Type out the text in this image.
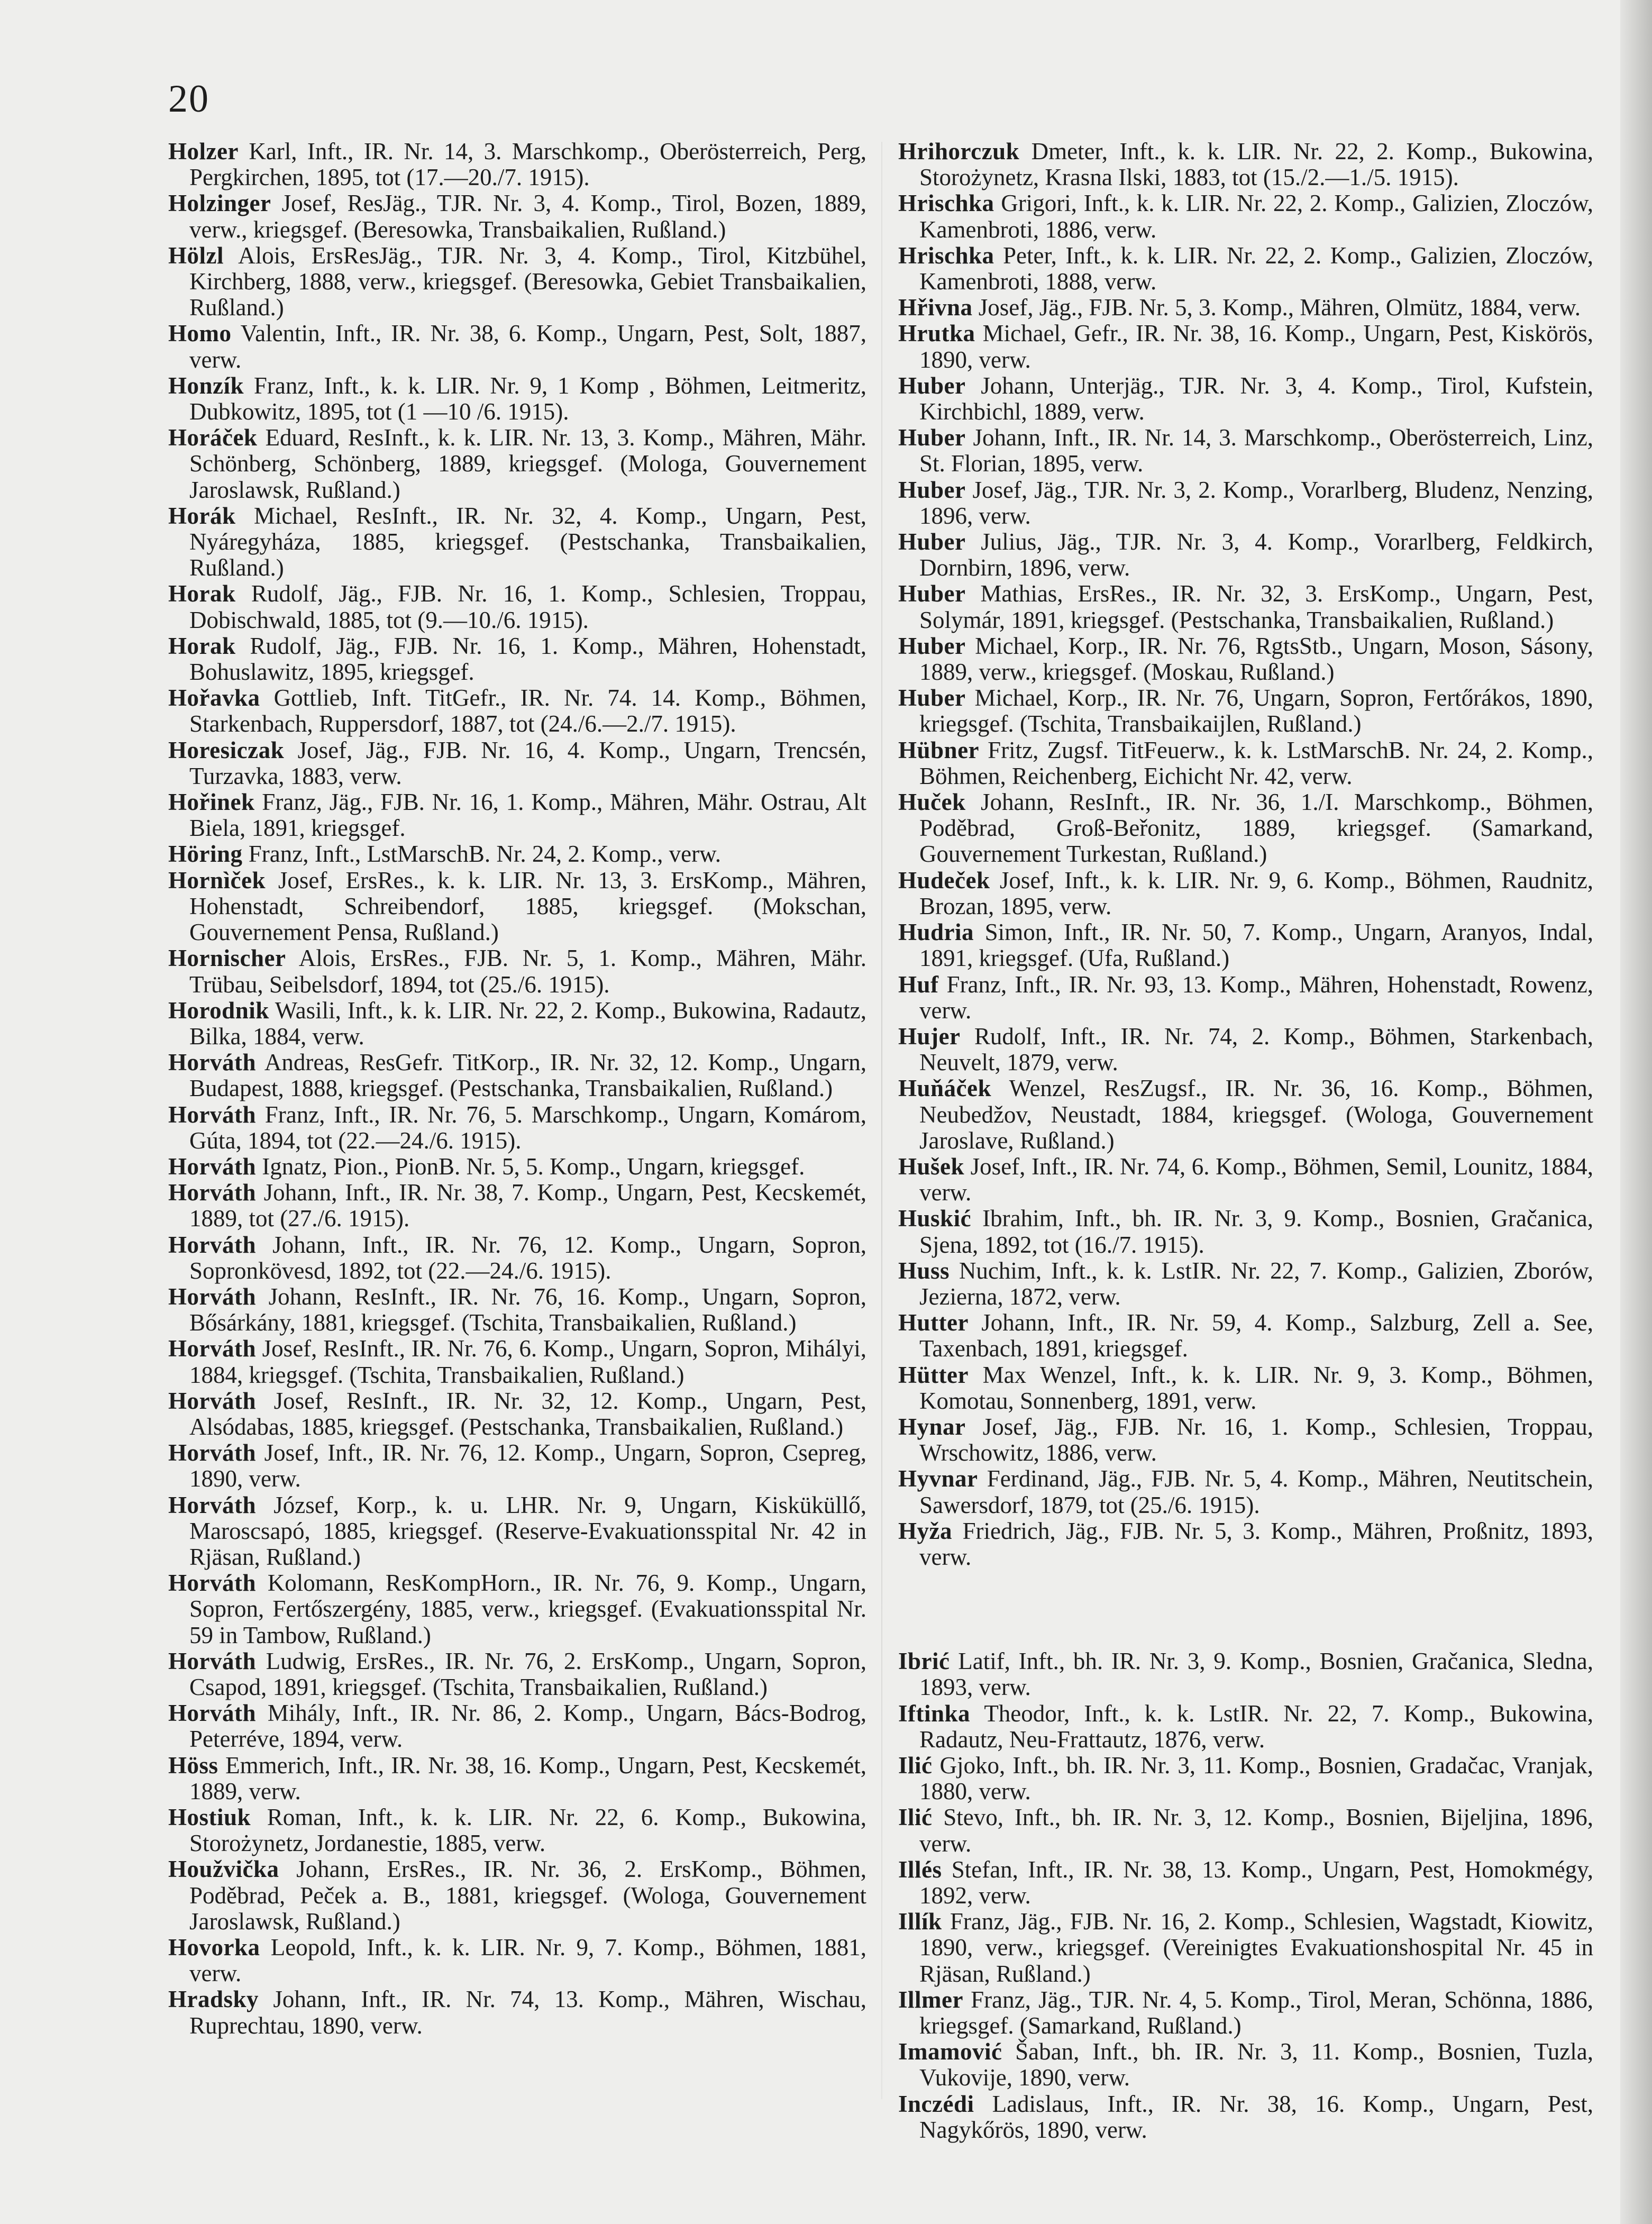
20

Holzer Karl, Inft., IR. Nr. 14, 3. Marschkomp., Oberösterreich, Perg, Pergkirchen, 1895, tot (17.—20./7. 1915).

Holzinger Josef, ResJäg., TJR. Nr. 3, 4. Komp., Tirol, Bozen, 1889, verw., kriegsgef. (Beresowka, Transbaikalien, Rußland.)

Hölzl Alois, ErsResJäg., TJR. Nr. 3, 4. Komp., Tirol, Kitzbühel, Kirchberg, 1888, verw., kriegsgef. (Beresowka, Gebiet Transbaikalien, Rußland.)

Homo Valentin, Inft., IR. Nr. 38, 6. Komp., Ungarn, Pest, Solt, 1887, verw.

Honzík Franz, Inft., k. k. LIR. Nr. 9, 1 Komp , Böhmen, Leitmeritz, Dubkowitz, 1895, tot (1 —10 /6. 1915).

Horáček Eduard, ResInft., k. k. LIR. Nr. 13, 3. Komp., Mähren, Mähr. Schönberg, Schönberg, 1889, kriegsgef. (Mologa, Gouvernement Jaroslawsk, Rußland.)

Horák Michael, ResInft., IR. Nr. 32, 4. Komp., Ungarn, Pest, Nyáregyháza, 1885, kriegsgef. (Pestschanka, Transbaikalien, Rußland.)

Horak Rudolf, Jäg., FJB. Nr. 16, 1. Komp., Schlesien, Troppau, Dobischwald, 1885, tot (9.—10./6. 1915).

Horak Rudolf, Jäg., FJB. Nr. 16, 1. Komp., Mähren, Hohenstadt, Bohuslawitz, 1895, kriegsgef.

Hořavka Gottlieb, Inft. TitGefr., IR. Nr. 74. 14. Komp., Böhmen, Starkenbach, Ruppersdorf, 1887, tot (24./6.—2./7. 1915).

Horesiczak Josef, Jäg., FJB. Nr. 16, 4. Komp., Ungarn, Trencsén, Turzavka, 1883, verw.

Hořinek Franz, Jäg., FJB. Nr. 16, 1. Komp., Mähren, Mähr. Ostrau, Alt Biela, 1891, kriegsgef.

Höring Franz, Inft., LstMarschB. Nr. 24, 2. Komp., verw.

Hornìček Josef, ErsRes., k. k. LIR. Nr. 13, 3. ErsKomp., Mähren, Hohenstadt, Schreibendorf, 1885, kriegsgef. (Mokschan, Gouvernement Pensa, Rußland.)

Hornischer Alois, ErsRes., FJB. Nr. 5, 1. Komp., Mähren, Mähr. Trübau, Seibelsdorf, 1894, tot (25./6. 1915).

Horodnik Wasili, Inft., k. k. LIR. Nr. 22, 2. Komp., Bukowina, Radautz, Bilka, 1884, verw.

Horváth Andreas, ResGefr. TitKorp., IR. Nr. 32, 12. Komp., Ungarn, Budapest, 1888, kriegsgef. (Pestschanka, Transbaikalien, Rußland.)

Horváth Franz, Inft., IR. Nr. 76, 5. Marschkomp., Ungarn, Komárom, Gúta, 1894, tot (22.—24./6. 1915).

Horváth Ignatz, Pion., PionB. Nr. 5, 5. Komp., Ungarn, kriegsgef.

Horváth Johann, Inft., IR. Nr. 38, 7. Komp., Ungarn, Pest, Kecskemét, 1889, tot (27./6. 1915).

Horváth Johann, Inft., IR. Nr. 76, 12. Komp., Ungarn, Sopron, Sopronkövesd, 1892, tot (22.—24./6. 1915).

Horváth Johann, ResInft., IR. Nr. 76, 16. Komp., Ungarn, Sopron, Bősárkány, 1881, kriegsgef. (Tschita, Transbaikalien, Rußland.)

Horváth Josef, ResInft., IR. Nr. 76, 6. Komp., Ungarn, Sopron, Mihályi, 1884, kriegsgef. (Tschita, Transbaikalien, Rußland.)

Horváth Josef, ResInft., IR. Nr. 32, 12. Komp., Ungarn, Pest, Alsódabas, 1885, kriegsgef. (Pestschanka, Transbaikalien, Rußland.)

Horváth Josef, Inft., IR. Nr. 76, 12. Komp., Ungarn, Sopron, Csepreg, 1890, verw.

Horváth József, Korp., k. u. LHR. Nr. 9, Ungarn, Kisküküllő, Maroscsapó, 1885, kriegsgef. (Reserve-Evakuationsspital Nr. 42 in Rjäsan, Rußland.)

Horváth Kolomann, ResKompHorn., IR. Nr. 76, 9. Komp., Ungarn, Sopron, Fertőszergény, 1885, verw., kriegsgef. (Evakuationsspital Nr. 59 in Tambow, Rußland.)

Horváth Ludwig, ErsRes., IR. Nr. 76, 2. ErsKomp., Ungarn, Sopron, Csapod, 1891, kriegsgef. (Tschita, Transbaikalien, Rußland.)

Horváth Mihály, Inft., IR. Nr. 86, 2. Komp., Ungarn, Bács-Bodrog, Peterréve, 1894, verw.

Höss Emmerich, Inft., IR. Nr. 38, 16. Komp., Ungarn, Pest, Kecskemét, 1889, verw.

Hostiuk Roman, Inft., k. k. LIR. Nr. 22, 6. Komp., Bukowina, Storożynetz, Jordanestie, 1885, verw.

Houžvička Johann, ErsRes., IR. Nr. 36, 2. ErsKomp., Böhmen, Poděbrad, Peček a. B., 1881, kriegsgef. (Wologa, Gouvernement Jaroslawsk, Rußland.)

Hovorka Leopold, Inft., k. k. LIR. Nr. 9, 7. Komp., Böhmen, 1881, verw.

Hradsky Johann, Inft., IR. Nr. 74, 13. Komp., Mähren, Wischau, Ruprechtau, 1890, verw.

Hrihorczuk Dmeter, Inft., k. k. LIR. Nr. 22, 2. Komp., Bukowina, Storożynetz, Krasna Ilski, 1883, tot (15./2.—1./5. 1915).

Hrischka Grigori, Inft., k. k. LIR. Nr. 22, 2. Komp., Galizien, Zloczów, Kamenbroti, 1886, verw.

Hrischka Peter, Inft., k. k. LIR. Nr. 22, 2. Komp., Galizien, Zloczów, Kamenbroti, 1888, verw.

Hřivna Josef, Jäg., FJB. Nr. 5, 3. Komp., Mähren, Olmütz, 1884, verw.

Hrutka Michael, Gefr., IR. Nr. 38, 16. Komp., Ungarn, Pest, Kiskörös, 1890, verw.

Huber Johann, Unterjäg., TJR. Nr. 3, 4. Komp., Tirol, Kufstein, Kirchbichl, 1889, verw.

Huber Johann, Inft., IR. Nr. 14, 3. Marschkomp., Oberösterreich, Linz, St. Florian, 1895, verw.

Huber Josef, Jäg., TJR. Nr. 3, 2. Komp., Vorarlberg, Bludenz, Nenzing, 1896, verw.

Huber Julius, Jäg., TJR. Nr. 3, 4. Komp., Vorarlberg, Feldkirch, Dornbirn, 1896, verw.

Huber Mathias, ErsRes., IR. Nr. 32, 3. ErsKomp., Ungarn, Pest, Solymár, 1891, kriegsgef. (Pestschanka, Transbaikalien, Rußland.)

Huber Michael, Korp., IR. Nr. 76, RgtsStb., Ungarn, Moson, Sásony, 1889, verw., kriegsgef. (Moskau, Rußland.)

Huber Michael, Korp., IR. Nr. 76, Ungarn, Sopron, Fertőrákos, 1890, kriegsgef. (Tschita, Transbaikaijlen, Rußland.)

Hübner Fritz, Zugsf. TitFeuerw., k. k. LstMarschB. Nr. 24, 2. Komp., Böhmen, Reichenberg, Eichicht Nr. 42, verw.

Huček Johann, ResInft., IR. Nr. 36, 1./I. Marschkomp., Böhmen, Poděbrad, Groß-Beřonitz, 1889, kriegsgef. (Samarkand, Gouvernement Turkestan, Rußland.)

Hudeček Josef, Inft., k. k. LIR. Nr. 9, 6. Komp., Böhmen, Raudnitz, Brozan, 1895, verw.

Hudria Simon, Inft., IR. Nr. 50, 7. Komp., Ungarn, Aranyos, Indal, 1891, kriegsgef. (Ufa, Rußland.)

Huf Franz, Inft., IR. Nr. 93, 13. Komp., Mähren, Hohenstadt, Rowenz, verw.

Hujer Rudolf, Inft., IR. Nr. 74, 2. Komp., Böhmen, Starkenbach, Neuvelt, 1879, verw.

Huňáček Wenzel, ResZugsf., IR. Nr. 36, 16. Komp., Böhmen, Neubedžov, Neustadt, 1884, kriegsgef. (Wologa, Gouvernement Jaroslave, Rußland.)

Hušek Josef, Inft., IR. Nr. 74, 6. Komp., Böhmen, Semil, Lounitz, 1884, verw.

Huskić Ibrahim, Inft., bh. IR. Nr. 3, 9. Komp., Bosnien, Gračanica, Sjena, 1892, tot (16./7. 1915).

Huss Nuchim, Inft., k. k. LstIR. Nr. 22, 7. Komp., Galizien, Zborów, Jezierna, 1872, verw.

Hutter Johann, Inft., IR. Nr. 59, 4. Komp., Salzburg, Zell a. See, Taxenbach, 1891, kriegsgef.

Hütter Max Wenzel, Inft., k. k. LIR. Nr. 9, 3. Komp., Böhmen, Komotau, Sonnenberg, 1891, verw.

Hynar Josef, Jäg., FJB. Nr. 16, 1. Komp., Schlesien, Troppau, Wrschowitz, 1886, verw.

Hyvnar Ferdinand, Jäg., FJB. Nr. 5, 4. Komp., Mähren, Neutitschein, Sawersdorf, 1879, tot (25./6. 1915).

Hyža Friedrich, Jäg., FJB. Nr. 5, 3. Komp., Mähren, Proßnitz, 1893, verw.

Ibrić Latif, Inft., bh. IR. Nr. 3, 9. Komp., Bosnien, Gračanica, Sledna, 1893, verw.

Iftinka Theodor, Inft., k. k. LstIR. Nr. 22, 7. Komp., Bukowina, Radautz, Neu-Frattautz, 1876, verw.

Ilić Gjoko, Inft., bh. IR. Nr. 3, 11. Komp., Bosnien, Gradačac, Vranjak, 1880, verw.

Ilić Stevo, Inft., bh. IR. Nr. 3, 12. Komp., Bosnien, Bijeljina, 1896, verw.

Illés Stefan, Inft., IR. Nr. 38, 13. Komp., Ungarn, Pest, Homokmégy, 1892, verw.

Illík Franz, Jäg., FJB. Nr. 16, 2. Komp., Schlesien, Wagstadt, Kiowitz, 1890, verw., kriegsgef. (Vereinigtes Evakuationshospital Nr. 45 in Rjäsan, Rußland.)

Illmer Franz, Jäg., TJR. Nr. 4, 5. Komp., Tirol, Meran, Schönna, 1886, kriegsgef. (Samarkand, Rußland.)

Imamović Šaban, Inft., bh. IR. Nr. 3, 11. Komp., Bosnien, Tuzla, Vukovije, 1890, verw.

Inczédi Ladislaus, Inft., IR. Nr. 38, 16. Komp., Ungarn, Pest, Nagykőrös, 1890, verw.
